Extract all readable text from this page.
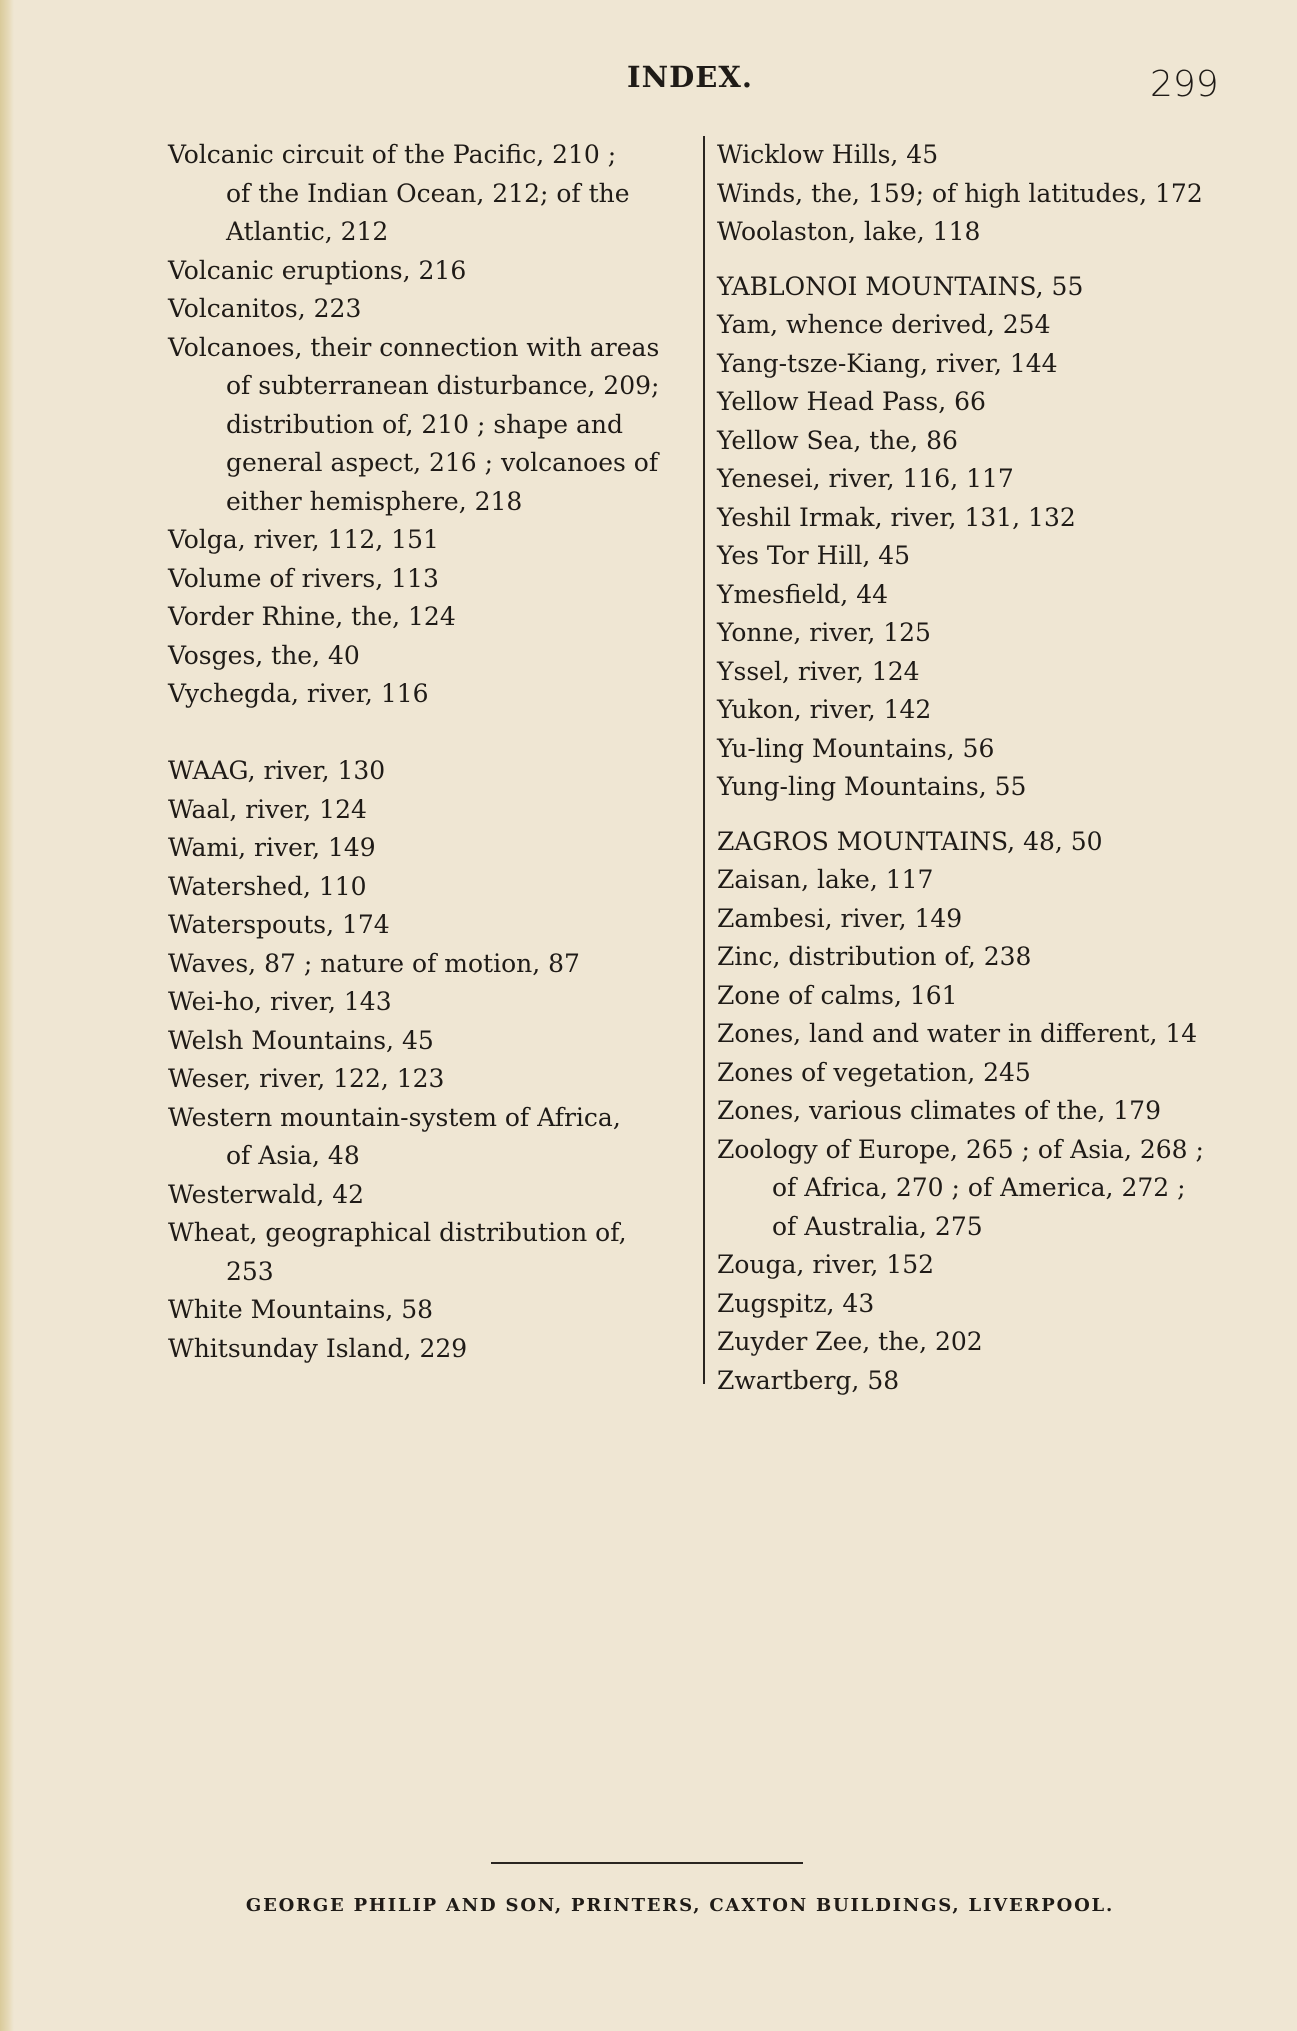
INDEX.	299
Volcanic circuit of the Pacific, 210 ;
of the Indian Ocean, 212; of the
Atlantic, 212
Volcanic eruptions, 216
Volcanitos, 223
Volcanoes, their connection with areas
of subterranean disturbance, 209;
distribution of, 210 ; shape and
general aspect, 216 ; volcanoes of
either hemisphere, 218
Volga, river, 112, 151
Volume of rivers, 113
Vorder Rhine, the, 124
Vosges, the, 40
Vychegda, river, 116
WAAG, river, 130
Waal, river, 124
Wami, river, 149
Watershed, 110
Waterspouts, 174
Waves, 87 ; nature of motion, 87
Wei-ho, river, 143
Welsh Mountains, 45
Weser, river, 122, 123
Western mountain-system of Africa,
of Asia, 48
Westerwald, 42
Wheat, geographical distribution of,
253
White Mountains, 58
Whitsunday Island, 229
Wicklow Hills, 45
Winds, the, 159; of high latitudes, 172
Woolaston, lake, 118
YABLONOI MOUNTAINS, 55
Yam, whence derived, 254
Yang-tsze-Kiang, river, 144
Yellow Head Pass, 66
Yellow Sea, the, 86
Yenesei, river, 116, 117
Yeshil Irmak, river, 131, 132
Yes Tor Hill, 45
Ymesfield, 44
Yonne, river, 125
Yssel, river, 124
Yukon, river, 142
Yu-ling Mountains, 56
Yung-ling Mountains, 55
ZAGROS MOUNTAINS, 48, 50
Zaisan, lake, 117
Zambesi, river, 149
Zinc, distribution of, 238
Zone of calms, 161
Zones, land and water in different, 14
Zones of vegetation, 245
Zones, various climates of the, 179
Zoology of Europe, 265 ; of Asia, 268 ;
of Africa, 270 ; of America, 272 ;
of Australia, 275
Zouga, river, 152
Zugspitz, 43
Zuyder Zee, the, 202
Zwartberg, 58
GEORGE PHILIP AND SON, PRINTERS, CAXTON BUILDINGS, LIVERPOOL.
